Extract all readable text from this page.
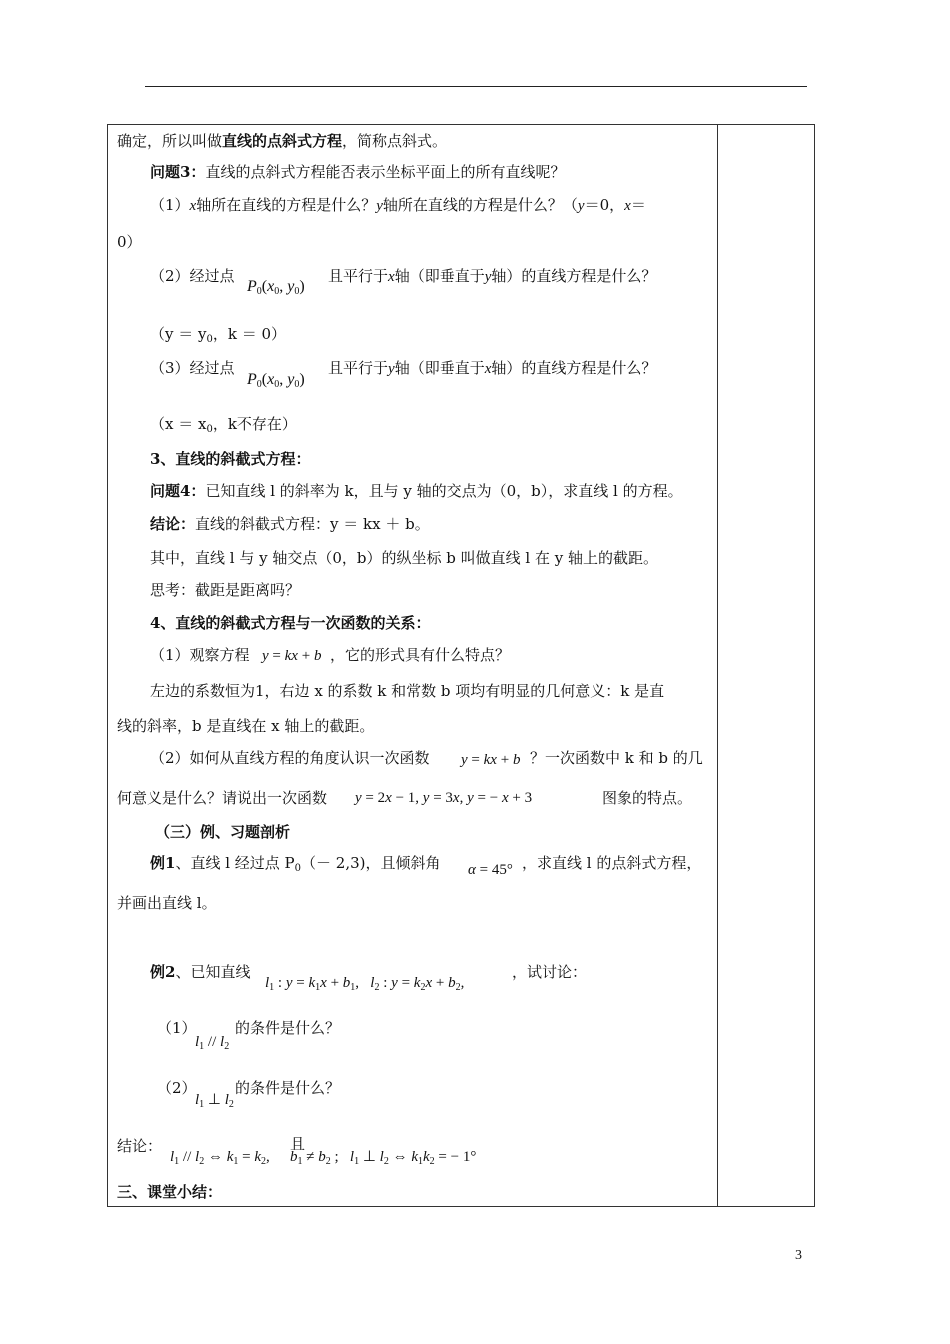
确定，所以叫做直线的点斜式方程，简称点斜式。
问题3：直线的点斜式方程能否表示坐标平面上的所有直线呢？
（1）x轴所在直线的方程是什么？y轴所在直线的方程是什么？（y＝0，x＝
0）
（2）经过点
$P_0(x_0$, $y_0$)
且平行于x轴（即垂直于y轴）的直线方程是什么？
（$y = y_0$，k ＝ 0）
（3）经过点
$P_0(x_0$, $y_0$)
且平行于y轴（即垂直于x轴）的直线方程是什么？
（$x = x_0$，k不存在）
3、直线的斜截式方程：
问题4：已知直线 l 的斜率为 k，且与 y 轴的交点为（0，b），求直线 l 的方程。
结论：直线的斜截式方程：y ＝ kx ＋ b。
其中，直线 l 与 y 轴交点（0，b）的纵坐标 b 叫做直线 l 在 y 轴上的截距。
思考：截距是距离吗？
4、直线的斜截式方程与一次函数的关系：
（1）观察方程 y = kx + b ，它的形式具有什么特点？
左边的系数恒为1，右边 x 的系数 k 和常数 b 项均有明显的几何意义：k 是直
线的斜率，b 是直线在 x 轴上的截距。
（2）如何从直线方程的角度认识一次函数 y = kx + b ？一次函数中 k 和 b 的几
何意义是什么？请说出一次函数 y = 2x − 1, y = 3x, y = − x + 3	图象的特点。
（三）例、习题剖析
例1、直线 l 经过点 $P_0(- 2,3)$，且倾斜角 α = 45° ，求直线 l 的点斜式方程，
并画出直线 l。
例2、已知直线
$l_1$ : $y = k_1x + b_1$,   $l_2$ : $y = k_2x + b_2$,
，试讨论：
（1）
$l_1 // l_2$
的条件是什么？
（2）
$l_1$ ⊥ $l_2$
的条件是什么？
结论：
$l_1 // l_2$ ⇔ $k_1 = k_2$,
且
$b_1 \ne b_2$ ;   $l_1$ ⊥ $l_2$ ⇔ $k_1k_2$ = − 1°
三、课堂小结：
3
